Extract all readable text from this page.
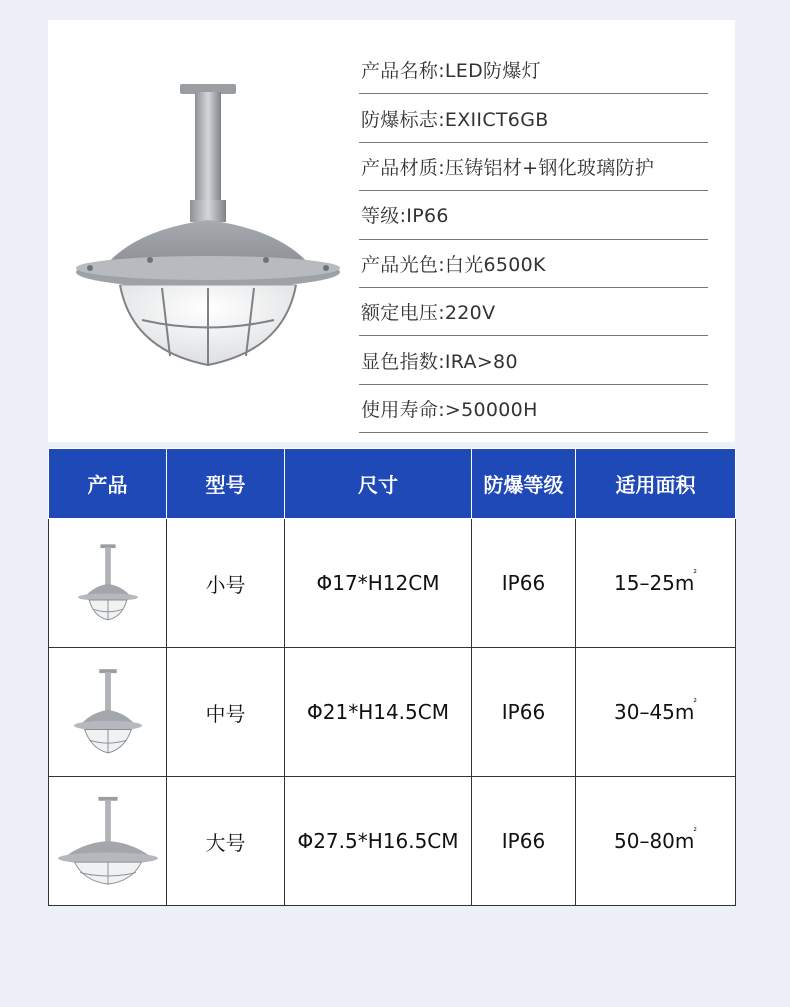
产品名称:LED防爆灯
防爆标志:EXIICT6GB
产品材质:压铸铝材+钢化玻璃防护
等级:IP66
产品光色:白光6500K
额定电压:220V
显色指数:IRA>80
使用寿命:>50000H
产品	型号	尺寸	防爆等级	适用面积

	小号	Φ17*H12CM	IP66	$15-25m^{^2}$

	中号	Φ21*H14.5CM	IP66	$30-45m^{^2}$

	大号	Φ27.5*H16.5CM	IP66	$50-80m^{^2}$
